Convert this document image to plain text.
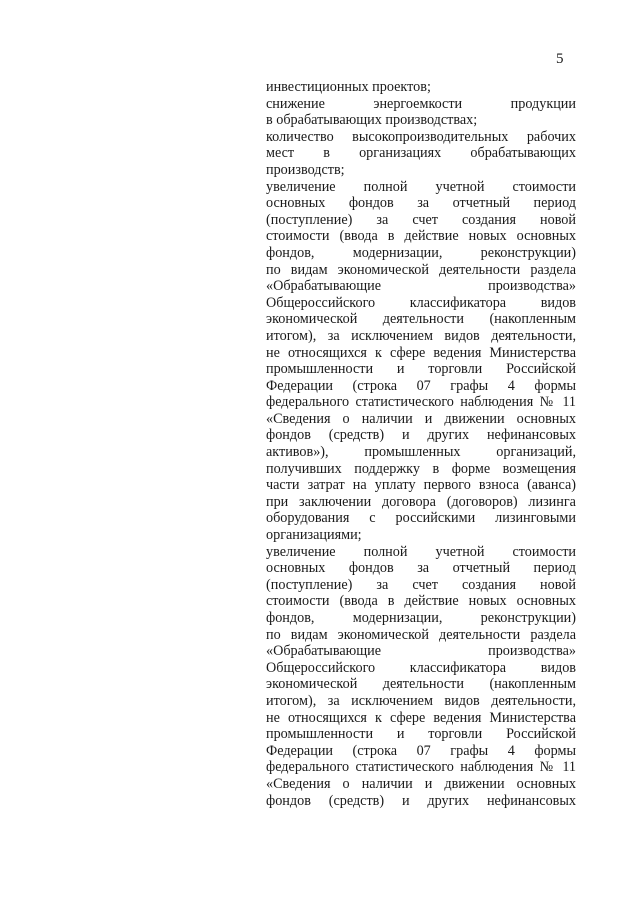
5
инвестиционных проектов;
снижение энергоемкости продукции
в обрабатывающих производствах;
количество высокопроизводительных рабочих
мест в организациях обрабатывающих
производств;
увеличение полной учетной стоимости
основных фондов за отчетный период
(поступление) за счет создания новой
стоимости (ввода в действие новых основных
фондов, модернизации, реконструкции)
по видам экономической деятельности раздела
«Обрабатывающие производства»
Общероссийского классификатора видов
экономической деятельности (накопленным
итогом), за исключением видов деятельности,
не относящихся к сфере ведения Министерства
промышленности и торговли Российской
Федерации (строка 07 графы 4 формы
федерального статистического наблюдения № 11
«Сведения о наличии и движении основных
фондов (средств) и других нефинансовых
активов»), промышленных организаций,
получивших поддержку в форме возмещения
части затрат на уплату первого взноса (аванса)
при заключении договора (договоров) лизинга
оборудования с российскими лизинговыми
организациями;
увеличение полной учетной стоимости
основных фондов за отчетный период
(поступление) за счет создания новой
стоимости (ввода в действие новых основных
фондов, модернизации, реконструкции)
по видам экономической деятельности раздела
«Обрабатывающие производства»
Общероссийского классификатора видов
экономической деятельности (накопленным
итогом), за исключением видов деятельности,
не относящихся к сфере ведения Министерства
промышленности и торговли Российской
Федерации (строка 07 графы 4 формы
федерального статистического наблюдения № 11
«Сведения о наличии и движении основных
фондов (средств) и других нефинансовых
